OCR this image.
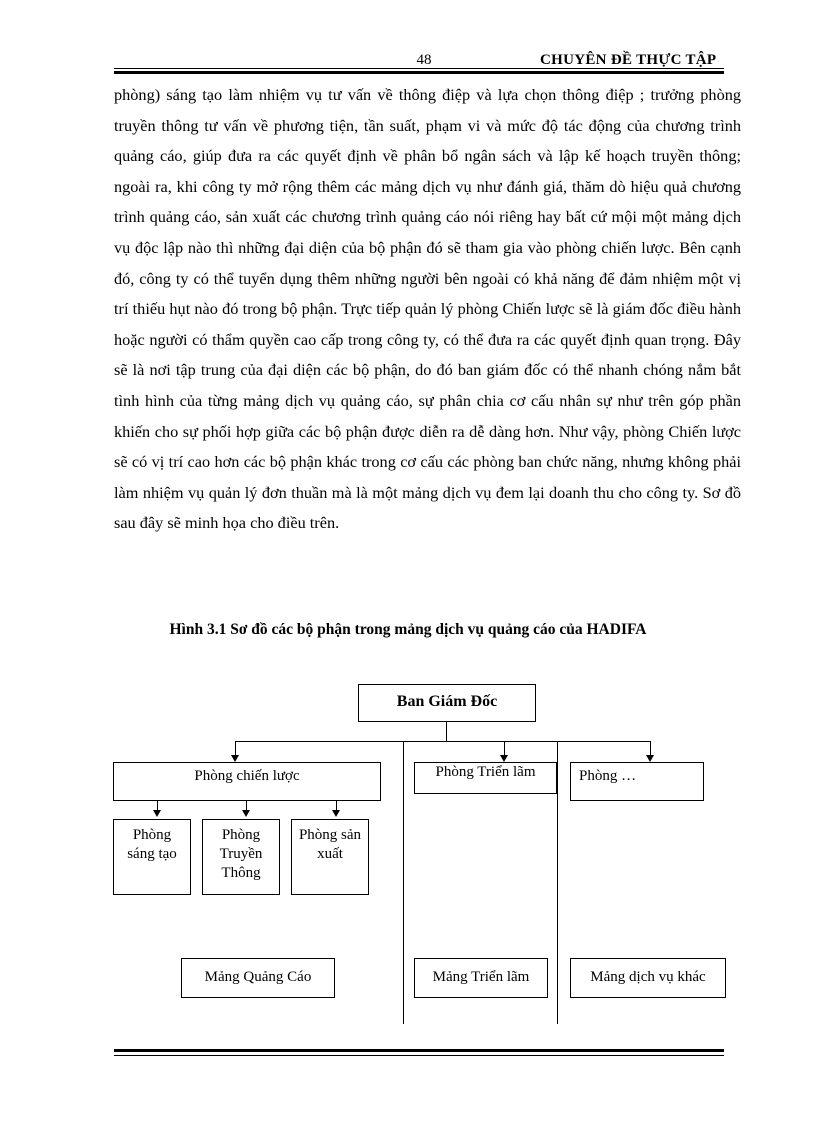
48	CHUYÊN ĐỀ THỰC TẬP

phòng) sáng tạo làm nhiệm vụ tư vấn về thông điệp và lựa chọn thông điệp ; trưởng phòng truyền thông tư vấn về phương tiện, tần suất, phạm vi và mức độ tác động của chương trình quảng cáo, giúp đưa ra các quyết định về phân bổ ngân sách và lập kế hoạch truyền thông; ngoài ra, khi công ty mở rộng thêm các mảng dịch vụ như đánh giá, thăm dò hiệu quả chương trình quảng cáo, sản xuất các chương trình quảng cáo nói riêng hay bất cứ mội một mảng dịch vụ độc lập nào thì những đại diện của bộ phận đó sẽ tham gia vào phòng chiến lược. Bên cạnh đó, công ty có thể tuyển dụng thêm những người bên ngoài có khả năng để đảm nhiệm một vị trí thiếu hụt nào đó trong bộ phận. Trực tiếp quản lý phòng Chiến lược sẽ là giám đốc điều hành hoặc người có thẩm quyền cao cấp trong công ty, có thể đưa ra các quyết định quan trọng. Đây sẽ là nơi tập trung của đại diện các bộ phận, do đó ban giám đốc có thể nhanh chóng nắm bắt tình hình của từng mảng dịch vụ quảng cáo, sự phân chia cơ cấu nhân sự như trên góp phần khiến cho sự phối hợp giữa các bộ phận được diễn ra dễ dàng hơn. Như vậy, phòng Chiến lược sẽ có vị trí cao hơn các bộ phận khác trong cơ cấu các phòng ban chức năng, nhưng không phải làm nhiệm vụ quản lý đơn thuần mà là một mảng dịch vụ đem lại doanh thu cho công ty. Sơ đồ sau đây sẽ minh họa cho điều trên.

Hình 3.1 Sơ đồ các bộ phận trong mảng dịch vụ quảng cáo của HADIFA
Ban Giám Đốc
Phòng chiến lược	Phòng Triển lãm	Phòng …
Phòng sáng tạo
Phòng Truyền Thông
Phòng sản xuất
Mảng Quảng Cáo	Mảng Triển lãm	Mảng dịch vụ khác
